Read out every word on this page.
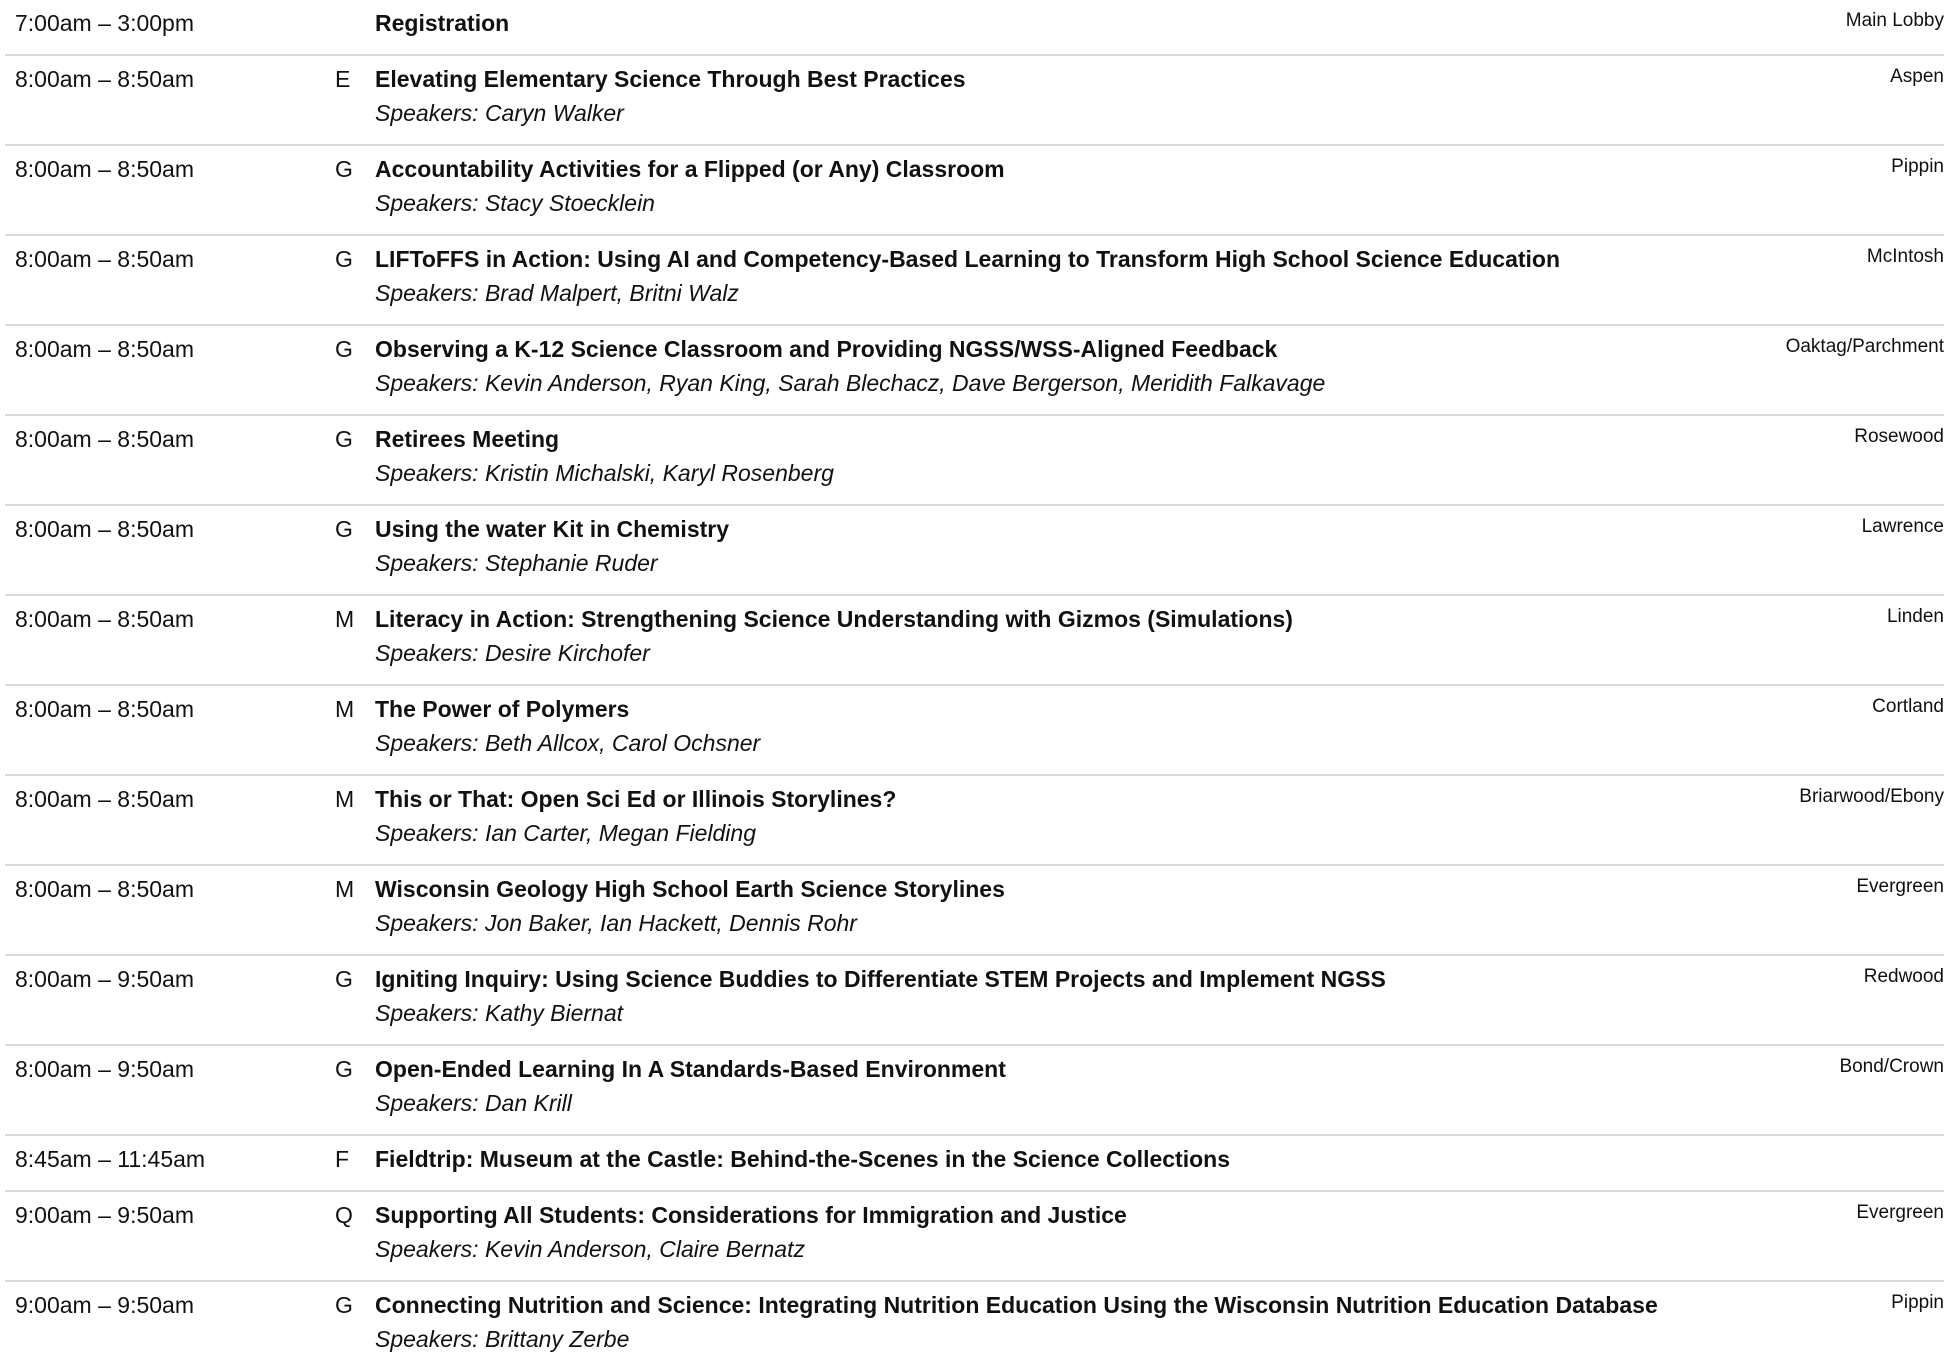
7:00am – 3:00pm	Registration	Main Lobby
8:00am – 8:50am	E Elevating Elementary Science Through Best Practices
Speakers: Caryn Walker
Aspen
8:00am – 8:50am	G Accountability Activities for a Flipped (or Any) Classroom
Speakers: Stacy Stoecklein
Pippin
8:00am – 8:50am	G LIFToFFS in Action: Using AI and Competency-Based Learning to Transform High School Science Education
Speakers: Brad Malpert, Britni Walz
McIntosh
8:00am – 8:50am	G Observing a K-12 Science Classroom and Providing NGSS/WSS-Aligned Feedback
Speakers: Kevin Anderson, Ryan King, Sarah Blechacz, Dave Bergerson, Meridith Falkavage
Oaktag/Parchment
8:00am – 8:50am	G Retirees Meeting
Speakers: Kristin Michalski, Karyl Rosenberg
Rosewood
8:00am – 8:50am	G Using the water Kit in Chemistry
Speakers: Stephanie Ruder
Lawrence
8:00am – 8:50am	M Literacy in Action: Strengthening Science Understanding with Gizmos (Simulations)
Speakers: Desire Kirchofer
Linden
8:00am – 8:50am	M The Power of Polymers
Speakers: Beth Allcox, Carol Ochsner
Cortland
8:00am – 8:50am	M This or That: Open Sci Ed or Illinois Storylines?
Speakers: Ian Carter, Megan Fielding
Briarwood/Ebony
8:00am – 8:50am	M Wisconsin Geology High School Earth Science Storylines
Speakers: Jon Baker, Ian Hackett, Dennis Rohr
Evergreen
8:00am – 9:50am	G Igniting Inquiry: Using Science Buddies to Differentiate STEM Projects and Implement NGSS
Speakers: Kathy Biernat
Redwood
8:00am – 9:50am	G Open-Ended Learning In A Standards-Based Environment
Speakers: Dan Krill
Bond/Crown
8:45am – 11:45am	F Fieldtrip: Museum at the Castle: Behind-the-Scenes in the Science Collections
9:00am – 9:50am	Q Supporting All Students: Considerations for Immigration and Justice
Speakers: Kevin Anderson, Claire Bernatz
Evergreen
9:00am – 9:50am	G Connecting Nutrition and Science: Integrating Nutrition Education Using the Wisconsin Nutrition Education Database
Speakers: Brittany Zerbe
Pippin
